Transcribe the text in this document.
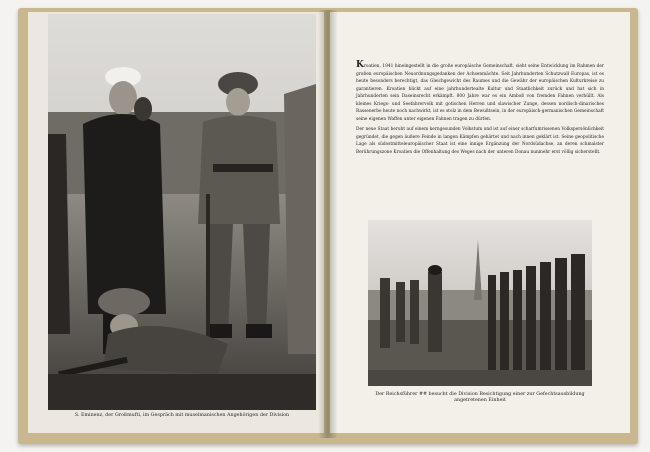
S. Eminenz, der Großmufti, im Gespräch mit muselmanischen Angehörigen der Division

Kroatien, 1941 hineingestellt in die große europäische Gemeinschaft, sieht seine Entwicklung im Rahmen der großen europäischen Neuordnungsgedanken der Achsenmächte. Seit Jahrhunderten Schutzwall Europas, ist es heute besonders berechtigt, das Gleichgewicht des Raumes und die Gewähr der europäischen Kulturkreise zu garantieren. Kroatien blickt auf eine jahrhundertealte Kultur und Staatlichkeit zurück und hat sich in Jahrhunderten sein Daseinsrecht erkämpft. 800 Jahre war es ein Amboß von fremden Fahnen verhüllt. Als kleines Kriegs- und Seefahrervolk mit gotischen Herren und slawischer Zunge, dessen nordisch-dinarisches Rassenerbe heute noch nachwirkt, ist es stolz in dem Bewußtsein, in der europäisch-germanischen Gemeinschaft seine eigenen Waffen unter eigenen Fahnen tragen zu dürfen.

Der neue Staat beruht auf einem kerngesunden Volkstum und ist auf einer scharfumrissenen Volkspersönlichkeit gegründet, die gegen äußere Feinde in langen Kämpfen gehärtet und nach innen geklärt ist. Seine geopolitische Lage als südostmitteleuropäischer Staat ist eine innige Ergänzung der Nordsüdachse, an deren schmalster Berührungszone Kroatien die Offenhaltung des Weges nach der unteren Donau nunmehr erst völlig sicherstellt.

Der Reichsführer ## besucht die Division Besichtigung einer zur Gefechtsausbildung angetretenen Einheit
